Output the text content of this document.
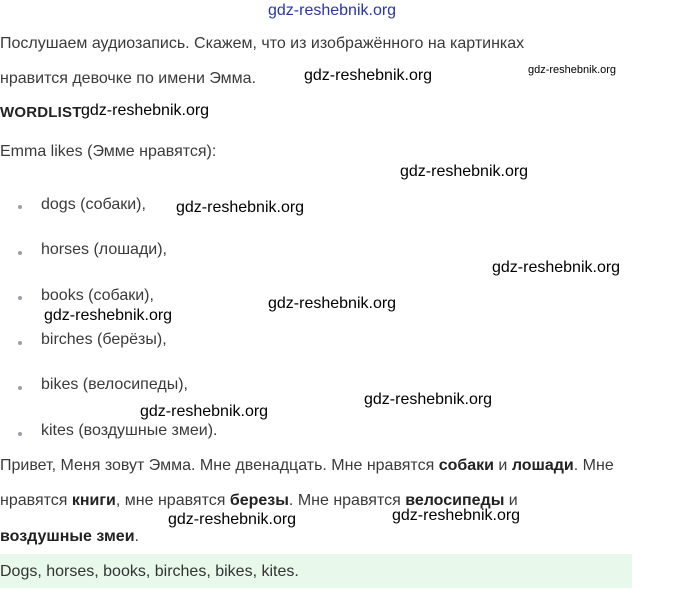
gdz-reshebnik.org
Послушаем аудиозапись. Скажем, что из изображённого на картинках
нравится девочке по имени Эмма.	gdz-reshebnik.org	gdz-reshebnik.org
WORDLIST gdz-reshebnik.org
Emma likes (Эмме нравятся):
gdz-reshebnik.org
dogs (собаки),
horses (лошади),
books (собаки),
birches (берёзы),
bikes (велосипеды),
kites (воздушные змеи).
gdz-reshebnik.org
gdz-reshebnik.org
gdz-reshebnik.org
gdz-reshebnik.org
gdz-reshebnik.org
gdz-reshebnik.org
Привет, Меня зовут Эмма. Мне двенадцать. Мне нравятся собаки и лошади. Мне
нравятся книги, мне нравятся березы. Мне нравятся велосипеды и
воздушные змеи.
gdz-reshebnik.org	gdz-reshebnik.org
Dogs, horses, books, birches, bikes, kites.
